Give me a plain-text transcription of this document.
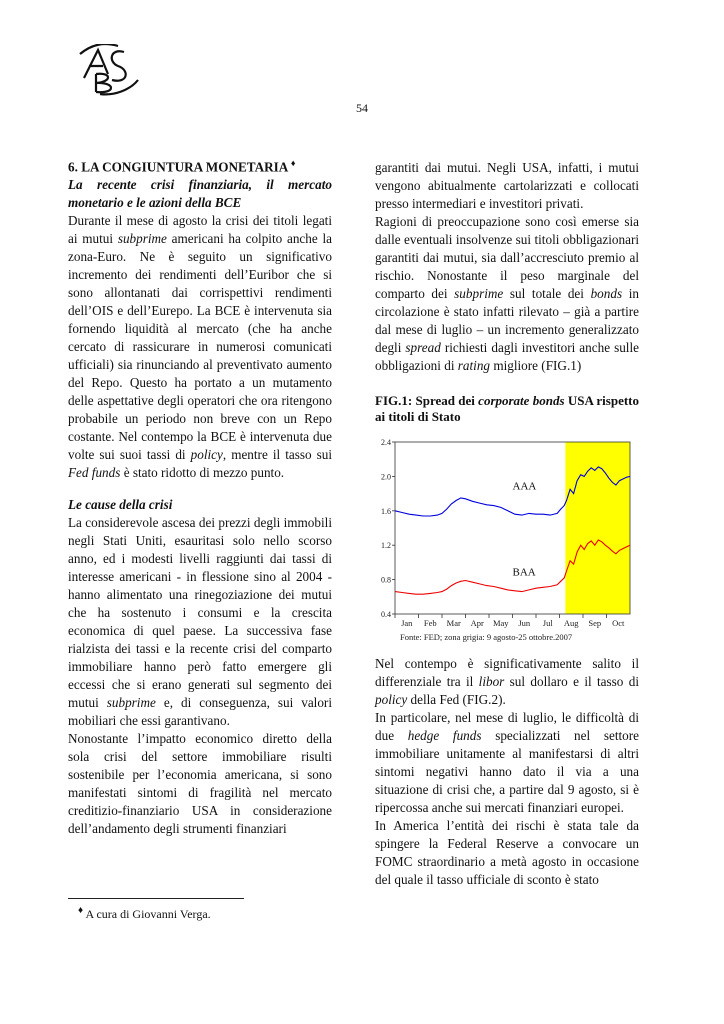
54

6. LA CONGIUNTURA MONETARIA ♦

La recente crisi finanziaria, il mercato monetario e le azioni della BCE

Durante il mese di agosto la crisi dei titoli legati ai mutui subprime americani ha colpito anche la zona-Euro. Ne è seguito un significativo incremento dei rendimenti dell’Euribor che si sono allontanati dai corrispettivi rendimenti dell’OIS e dell’Eurepo. La BCE è intervenuta sia fornendo liquidità al mercato (che ha anche cercato di rassicurare in numerosi comunicati ufficiali) sia rinunciando al preventivato aumento del Repo. Questo ha portato a un mutamento delle aspettative degli operatori che ora ritengono probabile un periodo non breve con un Repo costante. Nel contempo la BCE è intervenuta due volte sui suoi tassi di policy, mentre il tasso sui Fed funds è stato ridotto di mezzo punto.

Le cause della crisi

La considerevole ascesa dei prezzi degli immobili negli Stati Uniti, esauritasi solo nello scorso anno, ed i modesti livelli raggiunti dai tassi di interesse americani - in flessione sino al 2004 - hanno alimentato una rinegoziazione dei mutui che ha sostenuto i consumi e la crescita economica di quel paese. La successiva fase rialzista dei tassi e la recente crisi del comparto immobiliare hanno però fatto emergere gli eccessi che si erano generati sul segmento dei mutui subprime e, di conseguenza, sui valori mobiliari che essi garantivano.

Nonostante l’impatto economico diretto della sola crisi del settore immobiliare risulti sostenibile per l’economia americana, si sono manifestati sintomi di fragilità nel mercato creditizio-finanziario USA in considerazione dell’andamento degli strumenti finanziari

garantiti dai mutui. Negli USA, infatti, i mutui vengono abitualmente cartolarizzati e collocati presso intermediari e investitori privati.

Ragioni di preoccupazione sono così emerse sia dalle eventuali insolvenze sui titoli obbligazionari garantiti dai mutui, sia dall’accresciuto premio al rischio. Nonostante il peso marginale del comparto dei subprime sul totale dei bonds in circolazione è stato infatti rilevato – già a partire dal mese di luglio – un incremento generalizzato degli spread richiesti dagli investitori anche sulle obbligazioni di rating migliore (FIG.1)

FIG.1: Spread dei corporate bonds USA rispetto ai titoli di Stato

Nel contempo è significativamente salito il differenziale tra il libor sul dollaro e il tasso di policy della Fed (FIG.2).

In particolare, nel mese di luglio, le difficoltà di due hedge funds specializzati nel settore immobiliare unitamente al manifestarsi di altri sintomi negativi hanno dato il via a una situazione di crisi che, a partire dal 9 agosto, si è ripercossa anche sui mercati finanziari europei.

In America l’entità dei rischi è stata tale da spingere la Federal Reserve a convocare un FOMC straordinario a metà agosto in occasione del quale il tasso ufficiale di sconto è stato

0.4
0.8
1.2
1.6
2.0
2.4
Jan Feb Mar Apr May Jun Jul Aug Sep Oct
AAA
BAA
Fonte: FED; zona grigia: 9 agosto-25 ottobre.2007
♦ A cura di Giovanni Verga.
